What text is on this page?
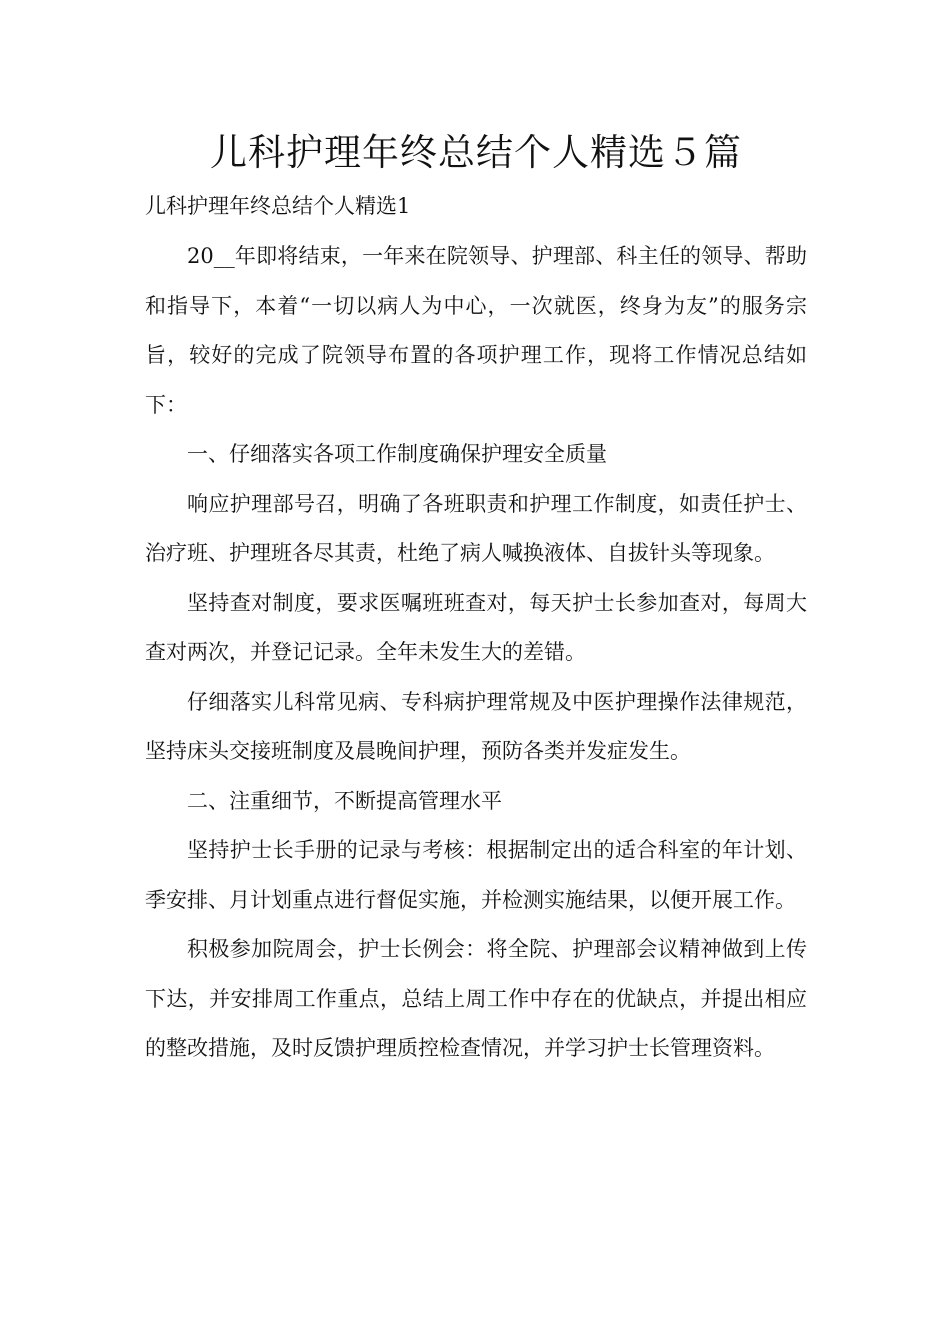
儿科护理年终总结个人精选５篇
儿科护理年终总结个人精选1

20__年即将结束，一年来在院领导、护理部、科主任的领导、帮助和指导下，本着“一切以病人为中心，一次就医，终身为友”的服务宗旨，较好的完成了院领导布置的各项护理工作，现将工作情况总结如下：

一、仔细落实各项工作制度确保护理安全质量

响应护理部号召，明确了各班职责和护理工作制度，如责任护士、治疗班、护理班各尽其责，杜绝了病人喊换液体、自拔针头等现象。

坚持查对制度，要求医嘱班班查对，每天护士长参加查对，每周大查对两次，并登记记录。全年未发生大的差错。

仔细落实儿科常见病、专科病护理常规及中医护理操作法律规范，坚持床头交接班制度及晨晚间护理，预防各类并发症发生。

二、注重细节，不断提高管理水平

坚持护士长手册的记录与考核：根据制定出的适合科室的年计划、季安排、月计划重点进行督促实施，并检测实施结果，以便开展工作。

积极参加院周会，护士长例会：将全院、护理部会议精神做到上传下达，并安排周工作重点，总结上周工作中存在的优缺点，并提出相应的整改措施，及时反馈护理质控检查情况，并学习护士长管理资料。
